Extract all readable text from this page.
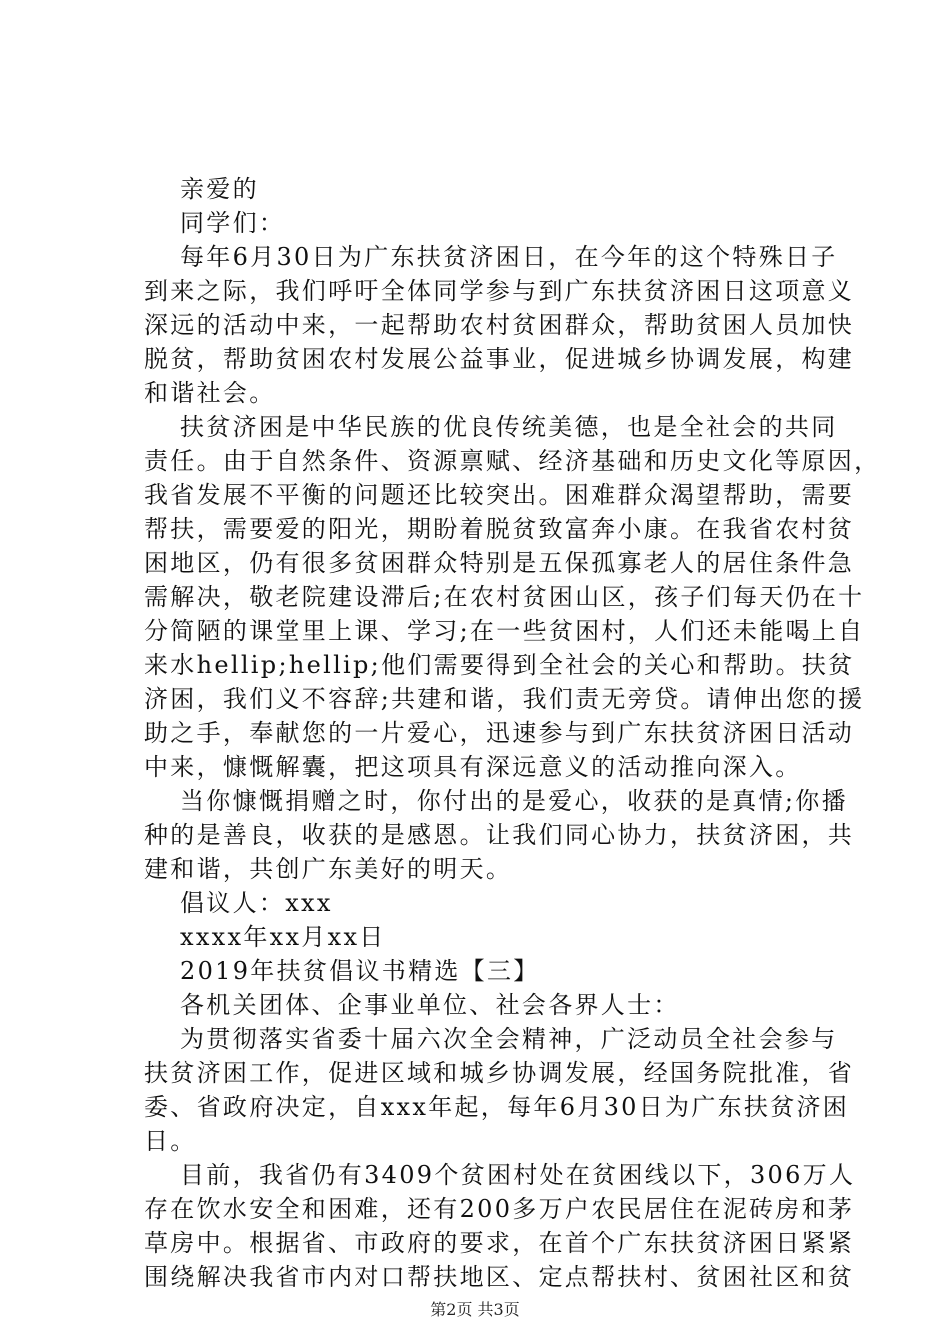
亲爱的
同学们：
每年6月30日为广东扶贫济困日，在今年的这个特殊日子
到来之际，我们呼吁全体同学参与到广东扶贫济困日这项意义
深远的活动中来，一起帮助农村贫困群众，帮助贫困人员加快
脱贫，帮助贫困农村发展公益事业，促进城乡协调发展，构建
和谐社会。
扶贫济困是中华民族的优良传统美德，也是全社会的共同
责任。由于自然条件、资源禀赋、经济基础和历史文化等原因，
我省发展不平衡的问题还比较突出。困难群众渴望帮助，需要
帮扶，需要爱的阳光，期盼着脱贫致富奔小康。在我省农村贫
困地区，仍有很多贫困群众特别是五保孤寡老人的居住条件急
需解决，敬老院建设滞后;在农村贫困山区，孩子们每天仍在十
分简陋的课堂里上课、学习;在一些贫困村，人们还未能喝上自
来水hellip;hellip;他们需要得到全社会的关心和帮助。扶贫
济困，我们义不容辞;共建和谐，我们责无旁贷。请伸出您的援
助之手，奉献您的一片爱心，迅速参与到广东扶贫济困日活动
中来，慷慨解囊，把这项具有深远意义的活动推向深入。
当你慷慨捐赠之时，你付出的是爱心，收获的是真情;你播
种的是善良，收获的是感恩。让我们同心协力，扶贫济困，共
建和谐，共创广东美好的明天。
倡议人：xxx
xxxx年xx月xx日
2019年扶贫倡议书精选【三】
各机关团体、企事业单位、社会各界人士：
为贯彻落实省委十届六次全会精神，广泛动员全社会参与
扶贫济困工作，促进区域和城乡协调发展，经国务院批准，省
委、省政府决定，自xxx年起，每年6月30日为广东扶贫济困
日。
目前，我省仍有3409个贫困村处在贫困线以下，306万人
存在饮水安全和困难，还有200多万户农民居住在泥砖房和茅
草房中。根据省、市政府的要求，在首个广东扶贫济困日紧紧
围绕解决我省市内对口帮扶地区、定点帮扶村、贫困社区和贫
第2页 共3页
